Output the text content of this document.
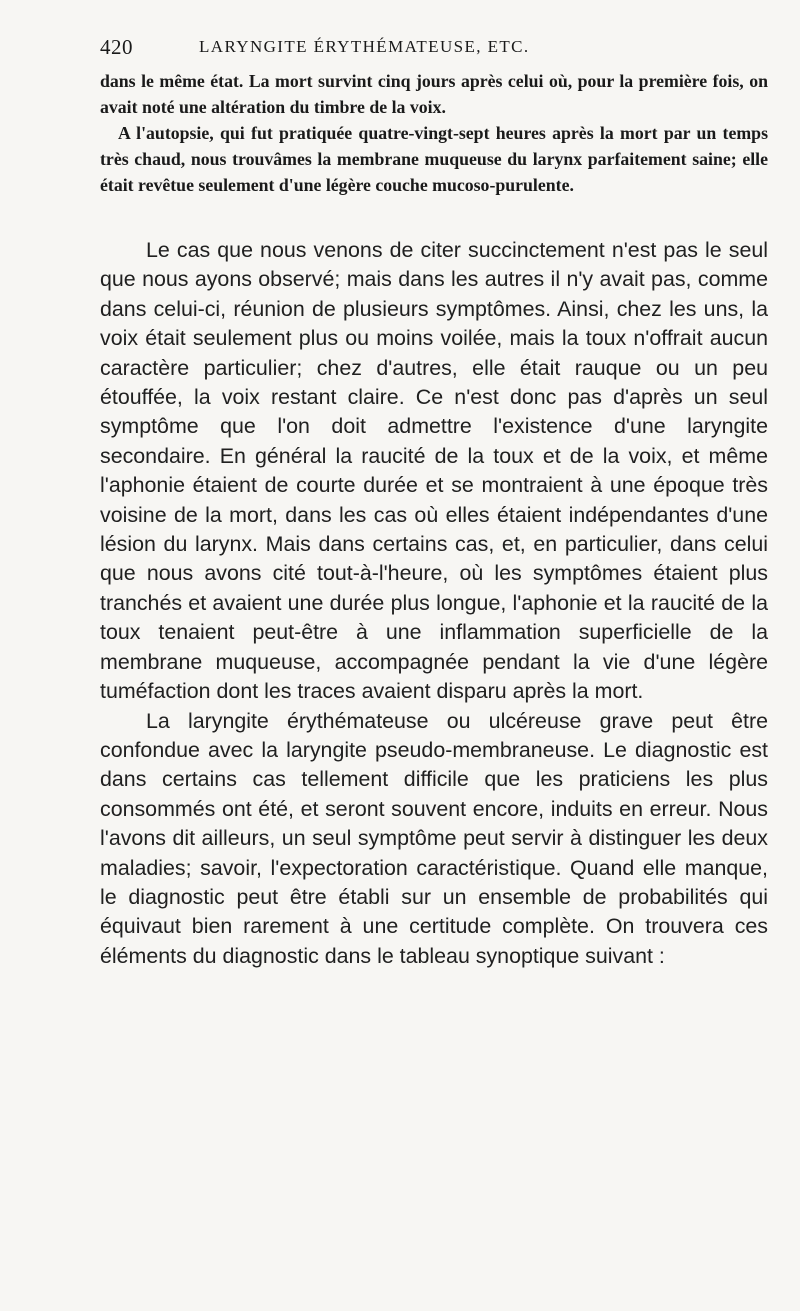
420	LARYNGITE ÉRYTHÉMATEUSE, ETC.

dans le même état. La mort survint cinq jours après celui où, pour la première fois, on avait noté une altération du timbre de la voix.

A l'autopsie, qui fut pratiquée quatre-vingt-sept heures après la mort par un temps très chaud, nous trouvâmes la membrane muqueuse du larynx parfaitement saine; elle était revêtue seulement d'une légère couche mucoso-purulente.

Le cas que nous venons de citer succinctement n'est pas le seul que nous ayons observé; mais dans les autres il n'y avait pas, comme dans celui-ci, réunion de plusieurs symptômes. Ainsi, chez les uns, la voix était seulement plus ou moins voilée, mais la toux n'offrait aucun caractère particulier; chez d'autres, elle était rauque ou un peu étouffée, la voix restant claire. Ce n'est donc pas d'après un seul symptôme que l'on doit admettre l'existence d'une laryngite secondaire. En général la raucité de la toux et de la voix, et même l'aphonie étaient de courte durée et se montraient à une époque très voisine de la mort, dans les cas où elles étaient indépendantes d'une lésion du larynx. Mais dans certains cas, et, en particulier, dans celui que nous avons cité tout-à-l'heure, où les symptômes étaient plus tranchés et avaient une durée plus longue, l'aphonie et la raucité de la toux tenaient peut-être à une inflammation superficielle de la membrane muqueuse, accompagnée pendant la vie d'une légère tuméfaction dont les traces avaient disparu après la mort.

La laryngite érythémateuse ou ulcéreuse grave peut être confondue avec la laryngite pseudo-membraneuse. Le diagnostic est dans certains cas tellement difficile que les praticiens les plus consommés ont été, et seront souvent encore, induits en erreur. Nous l'avons dit ailleurs, un seul symptôme peut servir à distinguer les deux maladies; savoir, l'expectoration caractéristique. Quand elle manque, le diagnostic peut être établi sur un ensemble de probabilités qui équivaut bien rarement à une certitude complète. On trouvera ces éléments du diagnostic dans le tableau synoptique suivant :
